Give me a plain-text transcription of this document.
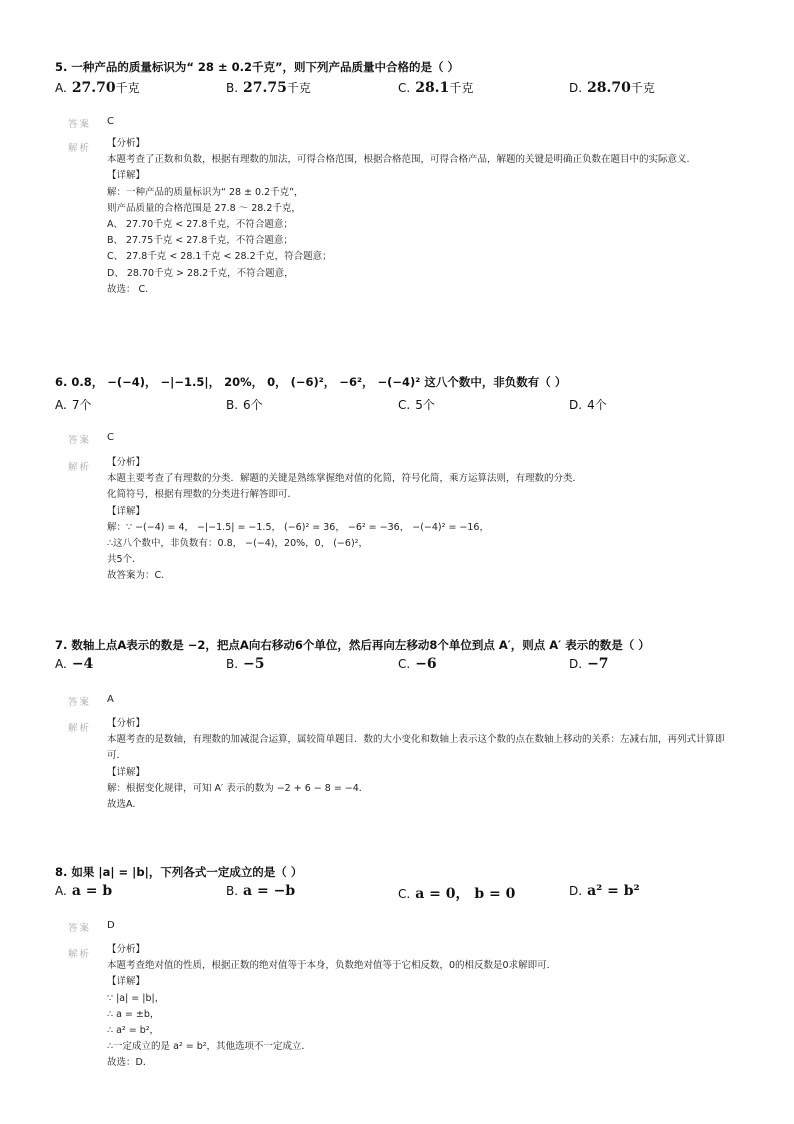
5. 一种产品的质量标识为“ 28 ± 0.2千克”，则下列产品质量中合格的是（ ）
A. 27.70千克	B. 27.75千克	C. 28.1千克	D. 28.70千克
答案 C
解析 【分析】
本题考查了正数和负数，根据有理数的加法，可得合格范围，根据合格范围，可得合格产品，解题的关键是明确正负数在题目中的实际意义.
【详解】
解：一种产品的质量标识为“ 28 ± 0.2千克”，
则产品质量的合格范围是 27.8 ～ 28.2千克，
A、 27.70千克 < 27.8千克，不符合题意；
B、 27.75千克 < 27.8千克，不符合题意；
C、 27.8千克 < 28.1千克 < 28.2千克，符合题意；
D、 28.70千克 > 28.2千克，不符合题意，
故选： C.
6. 0.8， −(−4)， −|−1.5|， 20%， 0， (−6)²， −6²， −(−4)² 这八个数中，非负数有（ ）
A. 7个	B. 6个	C. 5个	D. 4个
答案 C
解析 【分析】
本题主要考查了有理数的分类．解题的关键是熟练掌握绝对值的化简，符号化简，乘方运算法则，有理数的分类．
化简符号，根据有理数的分类进行解答即可．
【详解】
解：∵ −(−4) = 4， −|−1.5| = −1.5， (−6)² = 36， −6² = −36， −(−4)² = −16，
∴这八个数中，非负数有：0.8， −(−4)，20%，0， (−6)²，
共5个．
故答案为：C.
7. 数轴上点A表示的数是 −2，把点A向右移动6个单位，然后再向左移动8个单位到点 A′，则点 A′ 表示的数是（ ）
A. −4	B. −5	C. −6	D. −7
答案 A
解析 【分析】
本题考查的是数轴，有理数的加减混合运算，属较简单题目．数的大小变化和数轴上表示这个数的点在数轴上移动的关系：左减右加，再列式计算即可．
【详解】
解：根据变化规律，可知 A′ 表示的数为 −2 + 6 − 8 = −4．
故选A．
8. 如果 |a| = |b|，下列各式一定成立的是（ ）
A. a = b	B. a = −b	C. a = 0， b = 0	D. a² = b²
答案 D
解析 【分析】
本题考查绝对值的性质，根据正数的绝对值等于本身，负数绝对值等于它相反数，0的相反数是0求解即可．
【详解】
∵ |a| = |b|，
∴ a = ±b，
∴ a² = b²，
∴一定成立的是 a² = b²，其他选项不一定成立．
故选：D．
